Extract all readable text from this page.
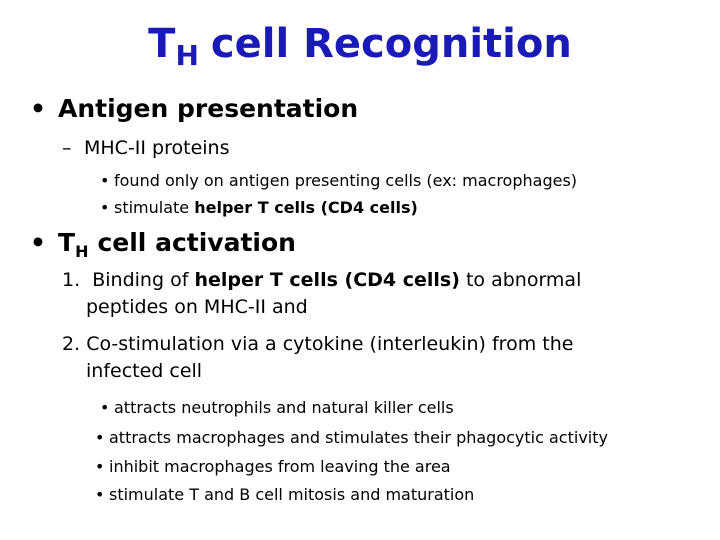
$T_H$ cell Recognition
• Antigen presentation
– MHC-II proteins
• found only on antigen presenting cells (ex: macrophages)
• stimulate helper T cells (CD4 cells)
• $T_H$ cell activation
1. Binding of helper T cells (CD4 cells) to abnormal
peptides on MHC-II and
2. Co-stimulation via a cytokine (interleukin) from the
infected cell
• attracts neutrophils and natural killer cells
• attracts macrophages and stimulates their phagocytic activity
• inhibit macrophages from leaving the area
• stimulate T and B cell mitosis and maturation
